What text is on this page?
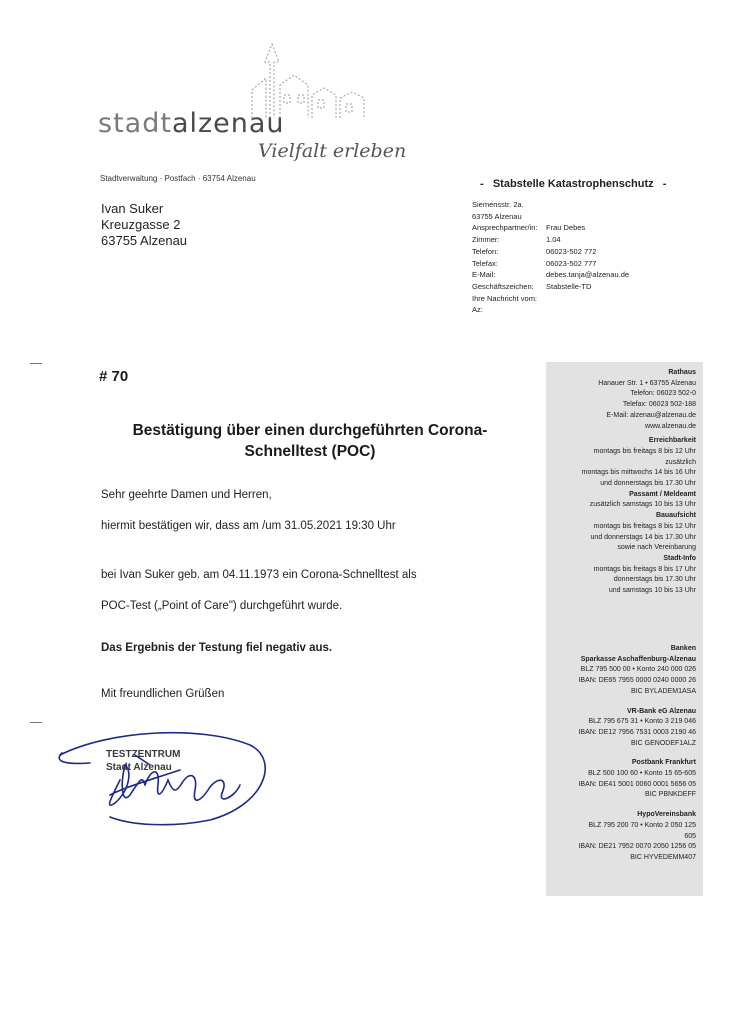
stadtalzenau
Vielfalt erleben
Stadtverwaltung · Postfach · 63754 Alzenau	-   Stabstelle Katastrophenschutz   -
Ivan Suker
Kreuzgasse 2
63755 Alzenau
Siemensstr. 2a.
63755 Alzenau
Ansprechpartner/in:	Frau Debes
Zimmer:	1.04
Telefon:	06023-502 772
Telefax:	06023-502 777
E-Mail:	debes.tanja@alzenau.de
Geschäftszeichen:	Stabstelle-TD
Ihre Nachricht vom:
Az:
# 70
Bestätigung über einen durchgeführten Corona-
Schnelltest (POC)
Sehr geehrte Damen und Herren,
hiermit bestätigen wir, dass am /um 31.05.2021 19:30 Uhr
bei Ivan Suker geb. am 04.11.1973 ein Corona-Schnelltest als
POC-Test („Point of Care") durchgeführt wurde.
Das Ergebnis der Testung fiel negativ aus.
Mit freundlichen Grüßen
TESTZENTRUM
Stadt Alzenau
Rathaus
Hanauer Str. 1 • 63755 Alzenau
Telefon: 06023 502-0
Telefax: 06023 502-188
E-Mail: alzenau@alzenau.de
www.alzenau.de
Erreichbarkeit
montags bis freitags 8 bis 12 Uhr
zusätzlich
montags bis mittwochs 14 bis 16 Uhr
und donnerstags bis 17.30 Uhr
Passamt / Meldeamt
zusätzlich samstags 10 bis 13 Uhr
Bauaufsicht
montags bis freitags 8 bis 12 Uhr
und donnerstags 14 bis 17.30 Uhr
sowie nach Vereinbarung
Stadt-Info
montags bis freitags 8 bis 17 Uhr
donnerstags bis 17.30 Uhr
und samstags 10 bis 13 Uhr
Banken
Sparkasse Aschaffenburg-Alzenau
BLZ 795 500 00 • Konto 240 000 026
IBAN: DE65 7955 0000 0240 0000 26
BIC BYLADEM1ASA
VR-Bank eG Alzenau
BLZ 795 675 31 • Konto 3 219 046
IBAN: DE12 7956 7531 0003 2190 46
BIC GENODEF1ALZ
Postbank Frankfurt
BLZ 500 100 60 • Konto 15 65-605
IBAN: DE41 5001 0060 0001 5656 05
BIC PBNKDEFF
HypoVereinsbank
BLZ 795 200 70 • Konto 2 050 125
605
IBAN: DE21 7952 0070 2050 1256 05
BIC HYVEDEMM407
